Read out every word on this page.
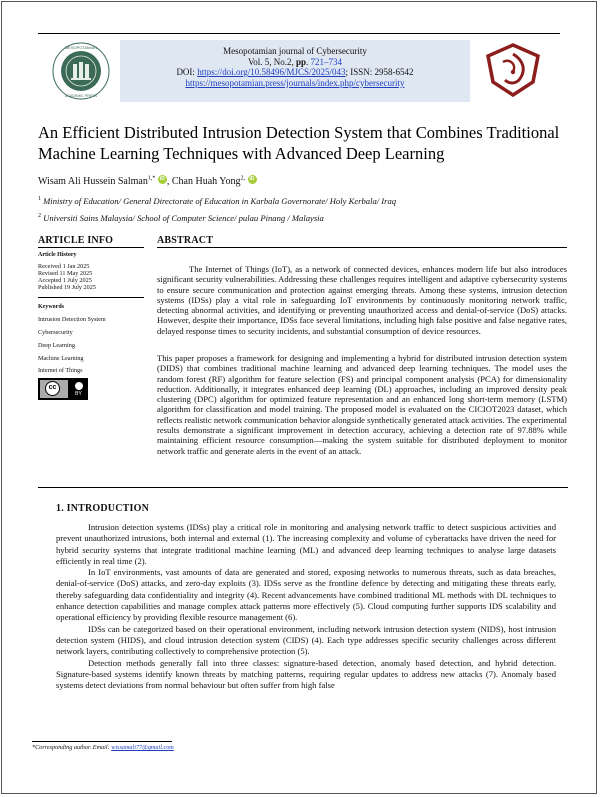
MESOPOTAMIAN
ACADEMIC PRESS
Mesopotamian journal of Cybersecurity
Vol. 5, No.2, pp. 721–734
DOI: https://doi.org/10.58496/MJCS/2025/043; ISSN: 2958-6542
https://mesopotamian.press/journals/index.php/cybersecurity
An Efficient Distributed Intrusion Detection System that Combines Traditional Machine Learning Techniques with Advanced Deep Learning
Wisam Ali Hussein Salman$^{1,*}$ iD , Chan Huah Yong$^{2,}$ iD
$^1$ Ministry of Education/ General Directorate of Education in Karbala Governorate/ Holy Kerbala/ Iraq
$^2$ Universiti Sains Malaysia/ School of Computer Science/ pulau Pinang / Malaysia
ARTICLE INFO
Article History
Received 1 Jan 2025
Revised 11 May 2025
Accepted 1 July 2025
Published 19 July 2025
Keywords
Intrusion Detection System
Cybersecurity
Deep Learning
Machine Learning
Internet of Things
cc
BY
ABSTRACT

The Internet of Things (IoT), as a network of connected devices, enhances modern life but also introduces significant security vulnerabilities. Addressing these challenges requires intelligent and adaptive cybersecurity systems to ensure secure communication and protection against emerging threats. Among these systems, intrusion detection systems (IDSs) play a vital role in safeguarding IoT environments by continuously monitoring network traffic, detecting abnormal activities, and identifying or preventing unauthorized access and denial-of-service (DoS) attacks. However, despite their importance, IDSs face several limitations, including high false positive and false negative rates, delayed response times to security incidents, and substantial consumption of device resources.

This paper proposes a framework for designing and implementing a hybrid for distributed intrusion detection system (DIDS) that combines traditional machine learning and advanced deep learning techniques. The model uses the random forest (RF) algorithm for feature selection (FS) and principal component analysis (PCA) for dimensionality reduction. Additionally, it integrates enhanced deep learning (DL) approaches, including an improved density peak clustering (DPC) algorithm for optimized feature representation and an enhanced long short-term memory (LSTM) algorithm for classification and model training. The proposed model is evaluated on the CICIOT2023 dataset, which reflects realistic network communication behavior alongside synthetically generated attack activities. The experimental results demonstrate a significant improvement in detection accuracy, achieving a detection rate of 97.88% while maintaining efficient resource consumption—making the system suitable for distributed deployment to monitor network traffic and generate alerts in the event of an attack.
1. INTRODUCTION

Intrusion detection systems (IDSs) play a critical role in monitoring and analysing network traffic to detect suspicious activities and prevent unauthorized intrusions, both internal and external (1). The increasing complexity and volume of cyberattacks have driven the need for hybrid security systems that integrate traditional machine learning (ML) and advanced deep learning techniques to analyse large datasets efficiently in real time (2).

In IoT environments, vast amounts of data are generated and stored, exposing networks to numerous threats, such as data breaches, denial-of-service (DoS) attacks, and zero-day exploits (3). IDSs serve as the frontline defence by detecting and mitigating these threats early, thereby safeguarding data confidentiality and integrity (4). Recent advancements have combined traditional ML methods with DL techniques to enhance detection capabilities and manage complex attack patterns more effectively (5). Cloud computing further supports IDS scalability and operational efficiency by providing flexible resource management (6).

IDSs can be categorized based on their operational environment, including network intrusion detection system (NIDS), host intrusion detection system (HIDS), and cloud intrusion detection system (CIDS) (4). Each type addresses specific security challenges across different network layers, contributing collectively to comprehensive protection (5).

Detection methods generally fall into three classes: signature-based detection, anomaly based detection, and hybrid detection. Signature-based systems identify known threats by matching patterns, requiring regular updates to address new attacks (7). Anomaly based systems detect deviations from normal behaviour but often suffer from high false

*Corresponding author. Email: wissamali77@gmail.com
